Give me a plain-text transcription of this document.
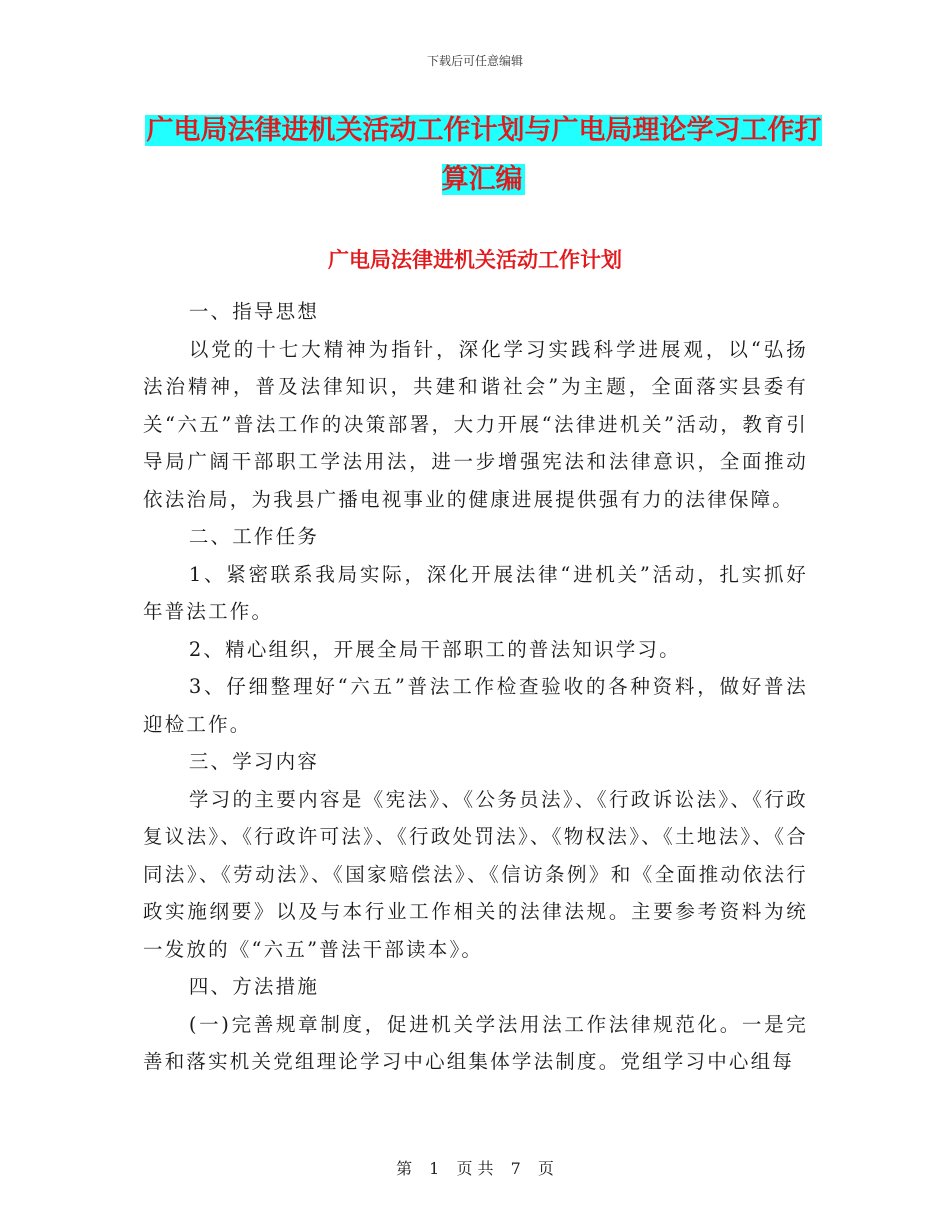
下载后可任意编辑
广电局法律进机关活动工作计划与广电局理论学习工作打算汇编
广电局法律进机关活动工作计划

一、指导思想

以党的十七大精神为指针，深化学习实践科学进展观，以“弘扬法治精神，普及法律知识，共建和谐社会”为主题，全面落实县委有关“六五”普法工作的决策部署，大力开展“法律进机关”活动，教育引导局广阔干部职工学法用法，进一步增强宪法和法律意识，全面推动依法治局，为我县广播电视事业的健康进展提供强有力的法律保障。

二、工作任务

1、紧密联系我局实际，深化开展法律“进机关”活动，扎实抓好年普法工作。

2、精心组织，开展全局干部职工的普法知识学习。

3、仔细整理好“六五”普法工作检查验收的各种资料，做好普法迎检工作。

三、学习内容

学习的主要内容是《宪法》、《公务员法》、《行政诉讼法》、《行政复议法》、《行政许可法》、《行政处罚法》、《物权法》、《土地法》、《合同法》、《劳动法》、《国家赔偿法》、《信访条例》和《全面推动依法行政实施纲要》以及与本行业工作相关的法律法规。主要参考资料为统一发放的《“六五”普法干部读本》。

四、方法措施

(一)完善规章制度，促进机关学法用法工作法律规范化。一是完善和落实机关党组理论学习中心组集体学法制度。党组学习中心组每

第 1 页 共 7 页
